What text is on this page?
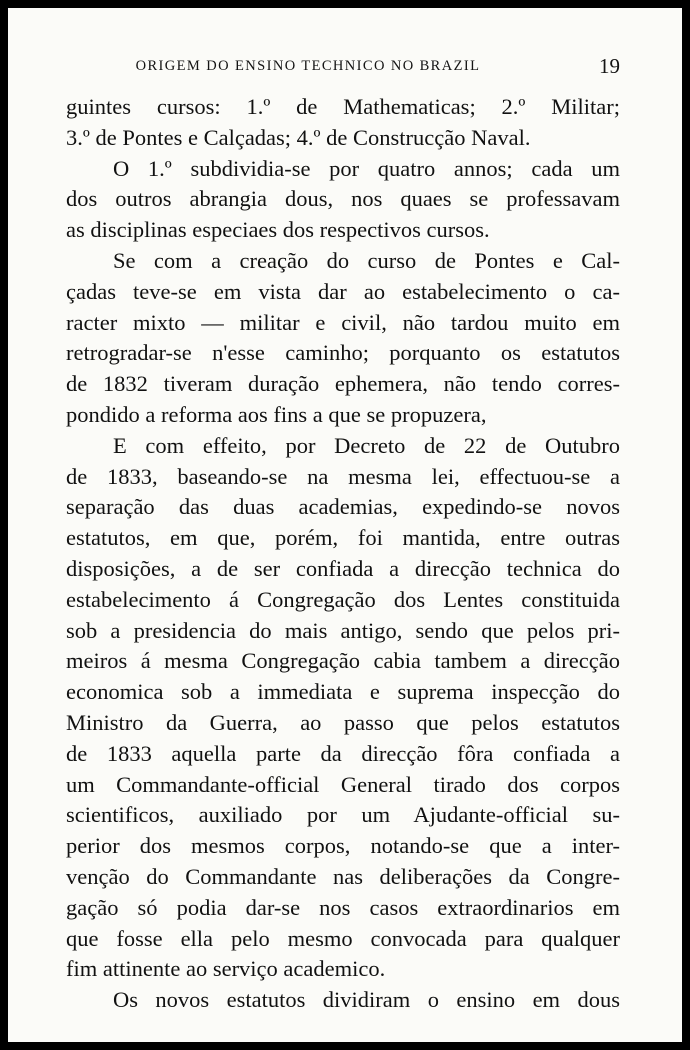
ORIGEM DO ENSINO TECHNICO NO BRAZIL	19
guintes cursos: 1.º de Mathematicas; 2.º Militar;
3.º de Pontes e Calçadas; 4.º de Construcção Naval.
O 1.º subdividia-se por quatro annos; cada um
dos outros abrangia dous, nos quaes se professavam
as disciplinas especiaes dos respectivos cursos.
Se com a creação do curso de Pontes e Cal-
çadas teve-se em vista dar ao estabelecimento o ca-
racter mixto — militar e civil, não tardou muito em
retrogradar-se n'esse caminho; porquanto os estatutos
de 1832 tiveram duração ephemera, não tendo corres-
pondido a reforma aos fins a que se propuzera,
E com effeito, por Decreto de 22 de Outubro
de 1833, baseando-se na mesma lei, effectuou-se a
separação das duas academias, expedindo-se novos
estatutos, em que, porém, foi mantida, entre outras
disposições, a de ser confiada a direcção technica do
estabelecimento á Congregação dos Lentes constituida
sob a presidencia do mais antigo, sendo que pelos pri-
meiros á mesma Congregação cabia tambem a direcção
economica sob a immediata e suprema inspecção do
Ministro da Guerra, ao passo que pelos estatutos
de 1833 aquella parte da direcção fôra confiada a
um Commandante-official General tirado dos corpos
scientificos, auxiliado por um Ajudante-official su-
perior dos mesmos corpos, notando-se que a inter-
venção do Commandante nas deliberações da Congre-
gação só podia dar-se nos casos extraordinarios em
que fosse ella pelo mesmo convocada para qualquer
fim attinente ao serviço academico.
Os novos estatutos dividiram o ensino em dous
